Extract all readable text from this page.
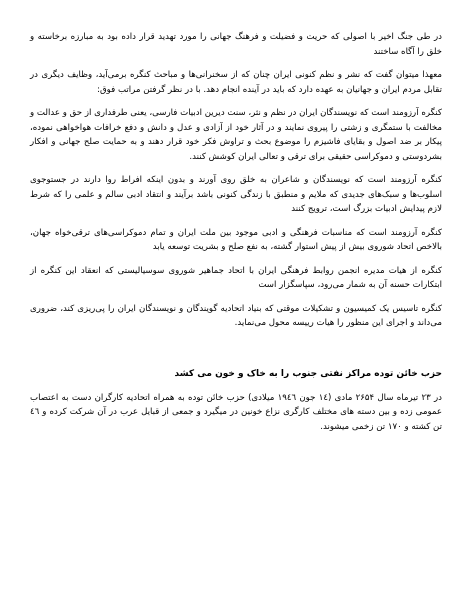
در طی جنگ اخیر با اصولی که حریت و فضیلت و فرهنگ جهانی را مورد تهدید قرار داده بود به مبارزه برخاسته و خلق را آگاه ساختند

معهذا میتوان گفت که نشر و نظم کنونی ایران چنان که از سخنرانی‌ها و مباحث کنگره برمی‌آید، وظایف دیگری در تقابل مردم ایران و جهانیان به عهده دارد که باید در آینده انجام دهد. با در نظر گرفتن مراتب فوق:

کنگره آرزومند است که نویسندگان ایران در نظم و نثر، سنت دیرین ادبیات فارسی، یعنی طرفداری از حق و عدالت و مخالفت با ستمگری و زشتی را پیروی نمایند و در آثار خود از آزادی و عدل و دانش و دفع خرافات هواخواهی نموده، پیکار بر ضد اصول و بقایای فاشیزم را موضوع بحث و تراوش فکر خود قرار دهند و به حمایت صلح جهانی و افکار بشردوستی و دموکراسی حقیقی برای ترقی و تعالی ایران کوشش کنند.

کنگره آرزومند است که نویسندگان و شاعران به خلق روی آورند و بدون اینکه افراط روا دارند در جستوجوی اسلوب‌ها و سبک‌های جدیدی که ملایم و منطبق با زندگی کنونی باشد برآیند و انتقاد ادبی سالم و علمی را که شرط لازم پیدایش ادبیات بزرگ است، ترویج کنند

کنگره آرزومند است که مناسبات فرهنگی و ادبی موجود بین ملت ایران و تمام دموکراسی‌های ترقی‌خواه جهان، بالاخص اتحاد شوروی بیش از پیش استوار گشته، به نفع صلح و بشریت توسعه یابد

کنگره از هیات مدیره انجمن روابط فرهنگی ایران با اتحاد جماهیر شوروی سوسیالیستی که انعقاد این کنگره از ابتکارات حسنه آن به شمار می‌رود، سپاسگزار است

کنگره تاسیس یک کمیسیون و تشکیلات موقتی که بنیاد اتحادیه گویندگان و نویسندگان ایران را پی‌ریزی کند، ضروری می‌داند و اجرای این منظور را هیات رییسه محول می‌نماید.

حزب خائن توده مراکز نفتی جنوب را به خاک و خون می کشد

در ۲۳ تیرماه سال ۲۶۵۴ مادی (۱٤ جون ۱۹٤٦ میلادی) حزب خائن توده به همراه اتحادیه کارگران دست به اعتصاب عمومی زده و بین دسته های مختلف کارگری نزاع خونین در میگیرد و جمعی از قبایل عرب در آن شرکت کرده و ٤٦ تن کشته و ۱۷۰ تن زخمی میشوند.
